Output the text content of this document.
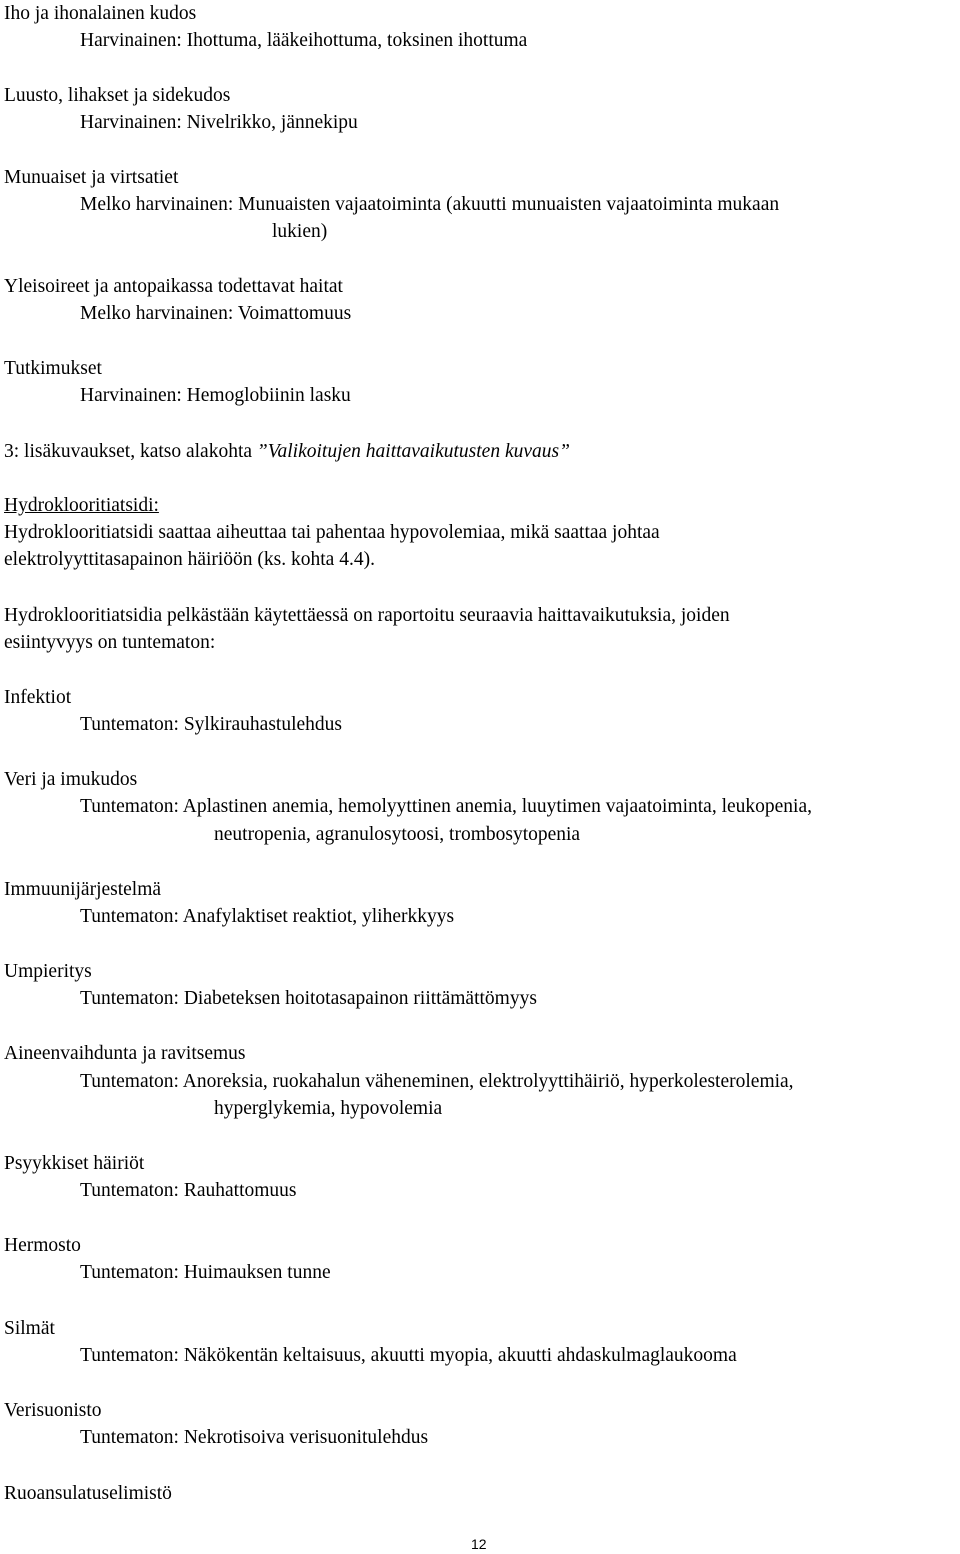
Iho ja ihonalainen kudos
Harvinainen: Ihottuma, lääkeihottuma, toksinen ihottuma
Luusto, lihakset ja sidekudos
Harvinainen: Nivelrikko, jännekipu
Munuaiset ja virtsatiet
Melko harvinainen: Munuaisten vajaatoiminta (akuutti munuaisten vajaatoiminta mukaan
lukien)
Yleisoireet ja antopaikassa todettavat haitat
Melko harvinainen: Voimattomuus
Tutkimukset
Harvinainen: Hemoglobiinin lasku
3: lisäkuvaukset, katso alakohta ”Valikoitujen haittavaikutusten kuvaus”
Hydroklooritiatsidi:
Hydroklooritiatsidi saattaa aiheuttaa tai pahentaa hypovolemiaa, mikä saattaa johtaa
elektrolyyttitasapainon häiriöön (ks. kohta 4.4).
Hydroklooritiatsidia pelkästään käytettäessä on raportoitu seuraavia haittavaikutuksia, joiden
esiintyvyys on tuntematon:
Infektiot
Tuntematon: Sylkirauhastulehdus
Veri ja imukudos
Tuntematon: Aplastinen anemia, hemolyyttinen anemia, luuytimen vajaatoiminta, leukopenia,
neutropenia, agranulosytoosi, trombosytopenia
Immuunijärjestelmä
Tuntematon: Anafylaktiset reaktiot, yliherkkyys
Umpieritys
Tuntematon: Diabeteksen hoitotasapainon riittämättömyys
Aineenvaihdunta ja ravitsemus
Tuntematon: Anoreksia, ruokahalun väheneminen, elektrolyyttihäiriö, hyperkolesterolemia,
hyperglykemia, hypovolemia
Psyykkiset häiriöt
Tuntematon: Rauhattomuus
Hermosto
Tuntematon: Huimauksen tunne
Silmät
Tuntematon: Näkökentän keltaisuus, akuutti myopia, akuutti ahdaskulmaglaukooma
Verisuonisto
Tuntematon: Nekrotisoiva verisuonitulehdus
Ruoansulatuselimistö
12
